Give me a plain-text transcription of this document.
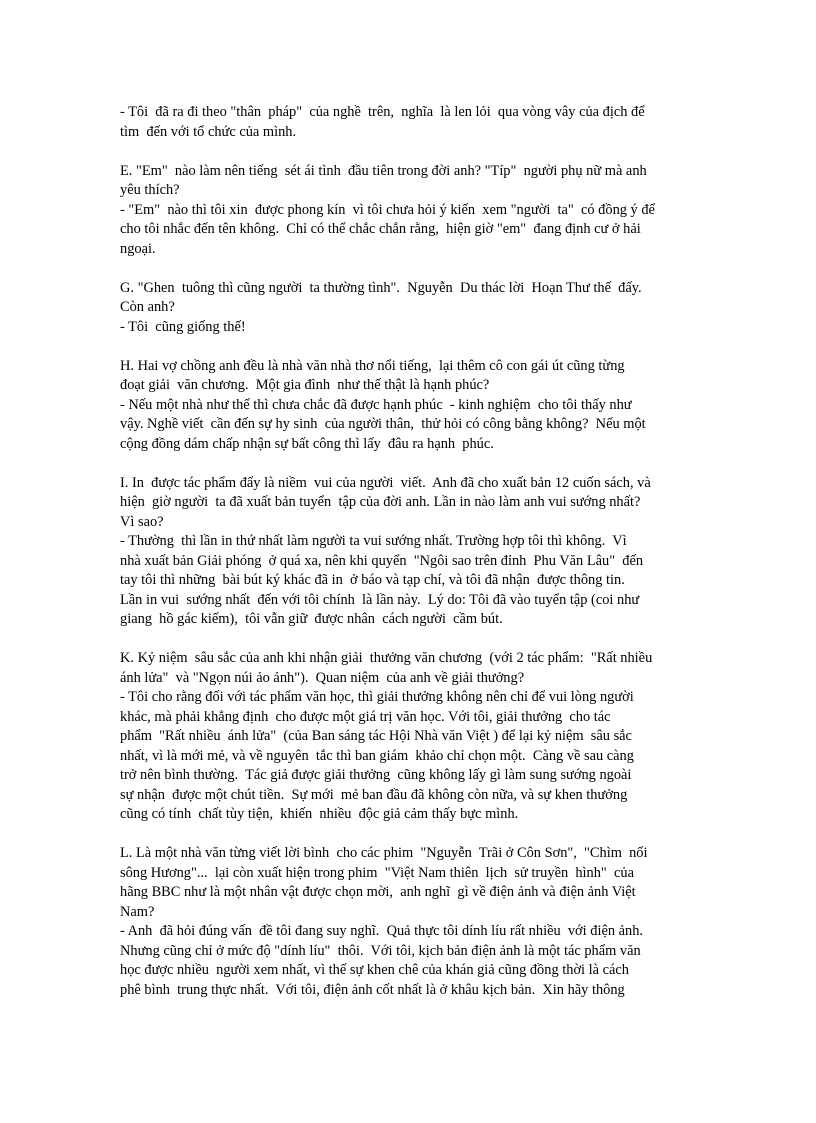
- Tôi  đã ra đi theo "thân  pháp"  của nghề  trên,  nghĩa  là len lỏi  qua vòng vây của địch để
tìm  đến với tổ chức của mình.
E. "Em"  nào làm nên tiếng  sét ái tình  đầu tiên trong đời anh? "Típ"  người phụ nữ mà anh
yêu thích?
- "Em"  nào thì tôi xin  được phong kín  vì tôi chưa hỏi ý kiến  xem "người  ta"  có đồng ý để
cho tôi nhắc đến tên không.  Chỉ có thể chắc chắn rằng,  hiện giờ "em"  đang định cư ở hải
ngoại.
G. "Ghen  tuông thì cũng người  ta thường tình".  Nguyễn  Du thác lời  Hoạn Thư thế  đấy.
Còn anh?
- Tôi  cũng giống thế!
H. Hai vợ chồng anh đều là nhà văn nhà thơ nổi tiếng,  lại thêm cô con gái út cũng từng
đoạt giải  văn chương.  Một gia đình  như thế thật là hạnh phúc?
- Nếu một nhà như thế thì chưa chắc đã được hạnh phúc  - kinh nghiệm  cho tôi thấy như
vậy. Nghề viết  cần đến sự hy sinh  của người thân,  thử hỏi có công bằng không?  Nếu một
cộng đồng dám chấp nhận sự bất công thì lấy  đâu ra hạnh  phúc.
I. In  được tác phẩm đẩy là niềm  vui của người  viết.  Anh đã cho xuất bản 12 cuốn sách, và
hiện  giờ người  ta đã xuất bản tuyển  tập của đời anh. Lần in nào làm anh vui sướng nhất?
Vì sao?
- Thường  thì lần in thứ nhất làm người ta vui sướng nhất. Trường hợp tôi thì không.  Vì
nhà xuất bản Giải phóng  ở quá xa, nên khi quyển  "Ngôi sao trên đỉnh  Phu Văn Lâu"  đến
tay tôi thì những  bài bút ký khác đã in  ở báo và tạp chí, và tôi đã nhận  được thông tin.
Lần in vui  sướng nhất  đến với tôi chính  là lần này.  Lý do: Tôi đã vào tuyển tập (coi như
giang  hồ gác kiếm),  tôi vẫn giữ  được nhân  cách người  cầm bút.
K. Kỷ niệm  sâu sắc của anh khi nhận giải  thưởng văn chương  (với 2 tác phẩm:  "Rất nhiều
ánh lửa"  và "Ngọn núi ảo ảnh").  Quan niệm  của anh về giải thưởng?
- Tôi cho rằng đối với tác phẩm văn học, thì giải thưởng không nên chỉ để vui lòng người
khác, mà phải khẳng định  cho được một giá trị văn học. Với tôi, giải thưởng  cho tác
phẩm  "Rất nhiều  ánh lửa"  (của Ban sáng tác Hội Nhà văn Việt ) để lại kỷ niệm  sâu sắc
nhất, vì là mới mẻ, và về nguyên  tắc thì ban giám  khảo chỉ chọn một.  Càng về sau càng
trở nên bình thường.  Tác giả được giải thưởng  cũng không lấy gì làm sung sướng ngoài
sự nhận  được một chút tiền.  Sự mới  mẻ ban đầu đã không còn nữa, và sự khen thưởng
cũng có tính  chất tùy tiện,  khiến  nhiều  độc giả cảm thấy bực mình.
L. Là một nhà văn từng viết lời bình  cho các phim  "Nguyễn  Trãi ở Côn Sơn",  "Chìm  nổi
sông Hương"...  lại còn xuất hiện trong phim  "Việt Nam thiên  lịch  sử truyền  hình"  của
hãng BBC như là một nhân vật được chọn mời,  anh nghĩ  gì về điện ảnh và điện ảnh Việt
Nam?
- Anh  đã hỏi đúng vấn  đề tôi đang suy nghĩ.  Quả thực tôi dính líu rất nhiều  với điện ảnh.
Nhưng cũng chỉ ở mức độ "dính líu"  thôi.  Với tôi, kịch bản điện ảnh là một tác phẩm văn
học được nhiều  người xem nhất, vì thế sự khen chê của khán giả cũng đồng thời là cách
phê bình  trung thực nhất.  Với tôi, điện ảnh cốt nhất là ở khâu kịch bản.  Xin hãy thông
